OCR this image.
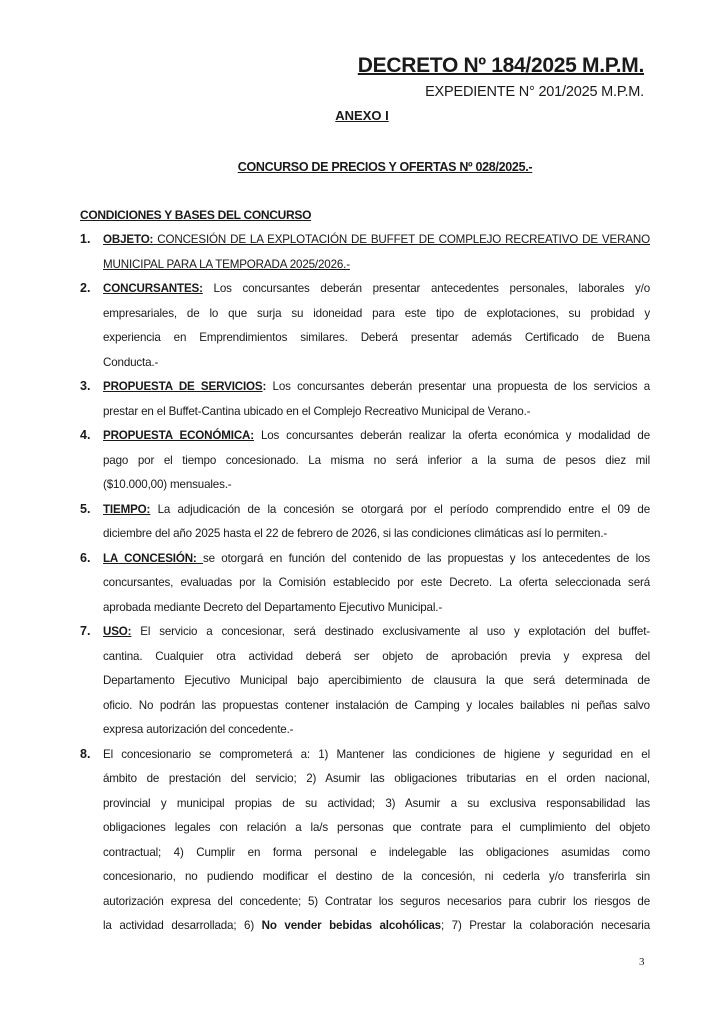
DECRETO Nº 184/2025 M.P.M.
EXPEDIENTE N° 201/2025 M.P.M.
ANEXO I
CONCURSO DE PRECIOS Y OFERTAS Nº 028/2025.-
CONDICIONES Y BASES DEL CONCURSO
1. OBJETO: CONCESIÓN DE LA EXPLOTACIÓN DE BUFFET DE COMPLEJO RECREATIVO DE VERANO
MUNICIPAL PARA LA TEMPORADA 2025/2026.-
2. CONCURSANTES: Los concursantes deberán presentar antecedentes personales, laborales y/o
empresariales, de lo que surja su idoneidad para este tipo de explotaciones, su probidad y
experiencia en Emprendimientos similares. Deberá presentar además Certificado de Buena
Conducta.-
3. PROPUESTA DE SERVICIOS: Los concursantes deberán presentar una propuesta de los servicios a
prestar en el Buffet-Cantina ubicado en el Complejo Recreativo Municipal de Verano.-
4. PROPUESTA ECONÓMICA: Los concursantes deberán realizar la oferta económica y modalidad de
pago por el tiempo concesionado. La misma no será inferior a la suma de pesos diez mil
($10.000,00) mensuales.-
5. TIEMPO: La adjudicación de la concesión se otorgará por el período comprendido entre el 09 de
diciembre del año 2025 hasta el 22 de febrero de 2026, si las condiciones climáticas así lo permiten.-
6. LA CONCESIÓN: se otorgará en función del contenido de las propuestas y los antecedentes de los
concursantes, evaluadas por la Comisión establecido por este Decreto. La oferta seleccionada será
aprobada mediante Decreto del Departamento Ejecutivo Municipal.-
7. USO: El servicio a concesionar, será destinado exclusivamente al uso y explotación del buffet-
cantina. Cualquier otra actividad deberá ser objeto de aprobación previa y expresa del
Departamento Ejecutivo Municipal bajo apercibimiento de clausura la que será determinada de
oficio. No podrán las propuestas contener instalación de Camping y locales bailables ni peñas salvo
expresa autorización del concedente.-
8. El concesionario se comprometerá a: 1) Mantener las condiciones de higiene y seguridad en el
ámbito de prestación del servicio; 2) Asumir las obligaciones tributarias en el orden nacional,
provincial y municipal propias de su actividad; 3) Asumir a su exclusiva responsabilidad las
obligaciones legales con relación a la/s personas que contrate para el cumplimiento del objeto
contractual; 4) Cumplir en forma personal e indelegable las obligaciones asumidas como
concesionario, no pudiendo modificar el destino de la concesión, ni cederla y/o transferirla sin
autorización expresa del concedente; 5) Contratar los seguros necesarios para cubrir los riesgos de
la actividad desarrollada; 6) No vender bebidas alcohólicas; 7) Prestar la colaboración necesaria
3
